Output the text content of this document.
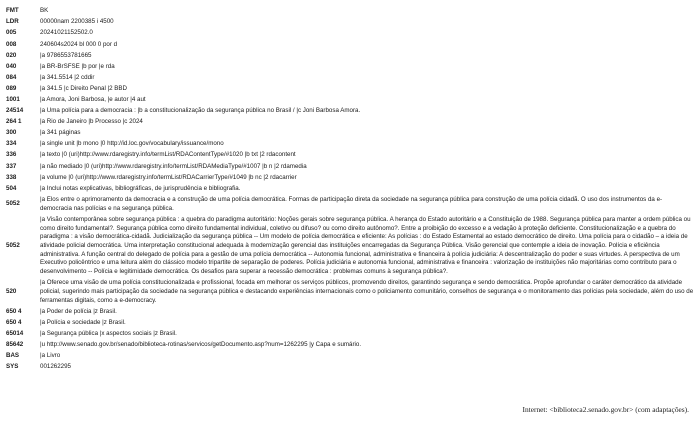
FMT	BK
LDR	00000nam 2200385 i 4500
005	20241021152502.0
008	240604s2024 bl 000 0 por d
020	|a 9786553781665
040	|a BR-BrSFSE |b por |e rda
084	|a 341.5514 |2 cddir
089	|a 341.5 |c Direito Penal |2 BBD
1001	|a Amora, Joni Barbosa, |e autor |4 aut
24514	|a Uma polícia para a democracia : |b a constitucionalização da segurança pública no Brasil / |c Joni Barbosa Amora.
264 1	|a Rio de Janeiro |b Processo |c 2024
300	|a 341 páginas
334	|a single unit |b mono |0 http://id.loc.gov/vocabulary/issuance/mono
336	|a texto |0 (uri)http://www.rdaregistry.info/termList/RDAContentType/#1020 |b txt |2 rdacontent
337	|a não mediado |0 (uri)http://www.rdaregistry.info/termList/RDAMediaType/#1007 |b n |2 rdamedia
338	|a volume |0 (uri)http://www.rdaregistry.info/termList/RDACarrierType/#1049 |b nc |2 rdacarrier
504	|a Inclui notas explicativas, bibliográficas, de jurisprudência e bibliografia.
5052	|a Elos entre o aprimoramento da democracia e a construção de uma polícia democrática. Formas de participação direta da sociedade na segurança pública para construção de uma polícia cidadã. O uso dos instrumentos da e-democracia nas polícias e na segurança pública.
5052	|a Visão contemporânea sobre segurança pública : a quebra do paradigma autoritário: Noções gerais sobre segurança pública. A herança do Estado autoritário e a Constituição de 1988. Segurança pública para manter a ordem pública ou como direito fundamental?. Segurança pública como direito fundamental individual, coletivo ou difuso? ou como direito autônomo?. Entre a proibição do excesso e a vedação à proteção deficiente. Constitucionalização e a quebra do paradigma : a visão democrática-cidadã. Judicialização da segurança pública -- Um modelo de polícia democrática e eficiente: As polícias : do Estado Estamental ao estado democrático de direito. Uma polícia para o cidadão – a ideia de atividade policial democrática. Uma interpretação constitucional adequada à modernização gerencial das instituições encarregadas da Segurança Pública. Visão gerencial que contemple a ideia de inovação. Polícia e eficiência administrativa. A função central do delegado de polícia para a gestão de uma polícia democrática -- Autonomia funcional, administrativa e financeira à polícia judiciária: A descentralização do poder e suas virtudes. A perspectiva de um Executivo policêntrico e uma leitura além do clássico modelo tripartite de separação de poderes. Polícia judiciária e autonomia funcional, administrativa e financeira : valorização de instituições não majoritárias como contributo para o desenvolvimento -- Polícia e legitimidade democrática. Os desafios para superar a recessão democrática : problemas comuns à segurança pública?.
520	|a Oferece uma visão de uma polícia constitucionalizada e profissional, focada em melhorar os serviços públicos, promovendo direitos, garantindo segurança e sendo democrática. Propõe aprofundar o caráter democrático da atividade policial, sugerindo mais participação da sociedade na segurança pública e destacando experiências internacionais como o policiamento comunitário, conselhos de segurança e o monitoramento das polícias pela sociedade, além do uso de ferramentas digitais, como a e-democracy.
650 4	|a Poder de polícia |z Brasil.
650 4	|a Polícia e sociedade |z Brasil.
65014	|a Segurança pública |x aspectos sociais |z Brasil.
85642	|u http://www.senado.gov.br/senado/biblioteca-rotinas/servicos/getDocumento.asp?num=1262295 |y Capa e sumário.
BAS	|a Livro
SYS	001262295
Internet: <biblioteca2.senado.gov.br> (com adaptações).
